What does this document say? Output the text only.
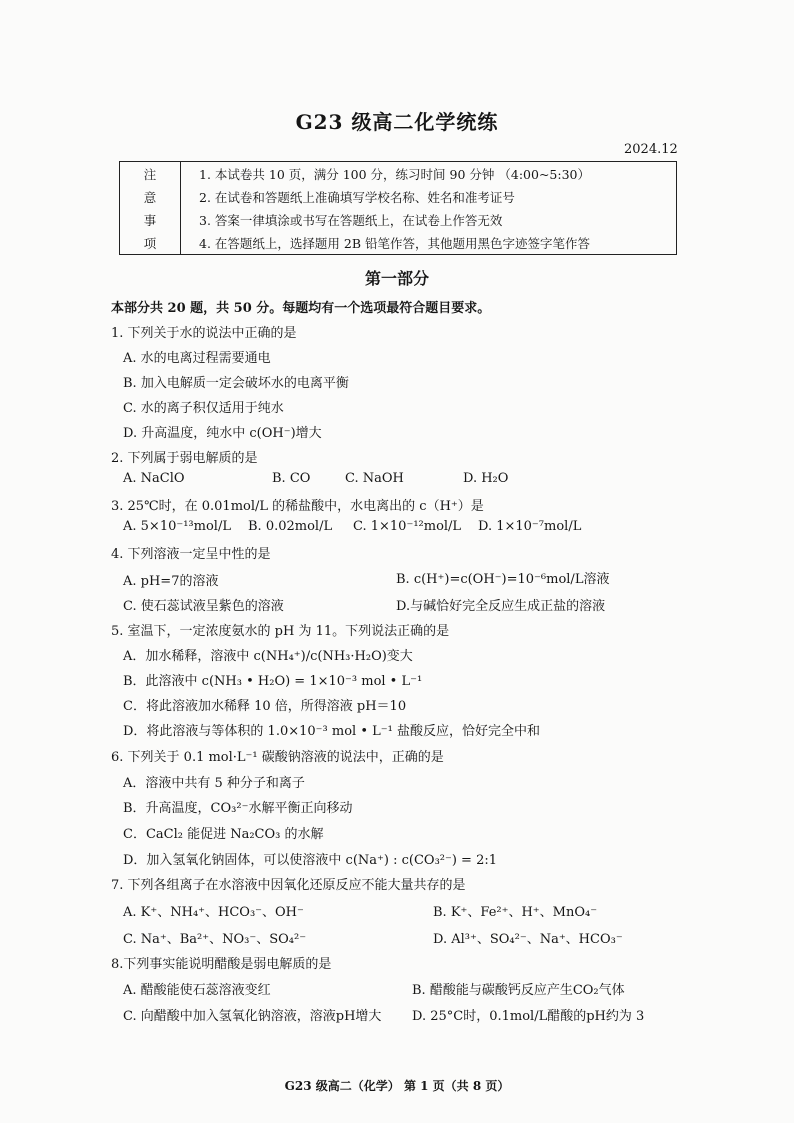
G23 级高二化学统练
2024.12
注	1. 本试卷共 10 页，满分 100 分，练习时间 90 分钟 （4:00~5:30）
意	2. 在试卷和答题纸上准确填写学校名称、姓名和准考证号
事	3. 答案一律填涂或书写在答题纸上，在试卷上作答无效
项	4. 在答题纸上，选择题用 2B 铅笔作答，其他题用黑色字迹签字笔作答
第一部分
本部分共 20 题，共 50 分。每题均有一个选项最符合题目要求。
1. 下列关于水的说法中正确的是
A. 水的电离过程需要通电
B. 加入电解质一定会破坏水的电离平衡
C. 水的离子积仅适用于纯水
D. 升高温度，纯水中 c(OH⁻)增大
2. 下列属于弱电解质的是
A. NaClO	B. CO	C. NaOH	D. H₂O
3. 25℃时，在 0.01mol/L 的稀盐酸中，水电离出的 c（H⁺）是
A. 5×10⁻¹³mol/L B. 0.02mol/L C. 1×10⁻¹²mol/L D. 1×10⁻⁷mol/L
4. 下列溶液一定呈中性的是
A. pH=7的溶液	B. c(H⁺)=c(OH⁻)=10⁻⁶mol/L溶液
C. 使石蕊试液呈紫色的溶液	D.与碱恰好完全反应生成正盐的溶液
5. 室温下，一定浓度氨水的 pH 为 11。下列说法正确的是
A．加水稀释，溶液中 c(NH₄⁺)/c(NH₃·H₂O)变大
B．此溶液中 c(NH₃ • H₂O) = 1×10⁻³ mol • L⁻¹
C．将此溶液加水稀释 10 倍，所得溶液 pH＝10
D．将此溶液与等体积的 1.0×10⁻³ mol • L⁻¹ 盐酸反应，恰好完全中和
6. 下列关于 0.1 mol·L⁻¹ 碳酸钠溶液的说法中，正确的是
A．溶液中共有 5 种分子和离子
B．升高温度，CO₃²⁻水解平衡正向移动
C．CaCl₂ 能促进 Na₂CO₃ 的水解
D．加入氢氧化钠固体，可以使溶液中 c(Na⁺) : c(CO₃²⁻) = 2:1
7. 下列各组离子在水溶液中因氧化还原反应不能大量共存的是
A. K⁺、NH₄⁺、HCO₃⁻、OH⁻	B. K⁺、Fe²⁺、H⁺、MnO₄⁻
C. Na⁺、Ba²⁺、NO₃⁻、SO₄²⁻	D. Al³⁺、SO₄²⁻、Na⁺、HCO₃⁻
8.下列事实能说明醋酸是弱电解质的是
A. 醋酸能使石蕊溶液变红	B. 醋酸能与碳酸钙反应产生CO₂气体
C. 向醋酸中加入氢氧化钠溶液，溶液pH增大 D. 25°C时，0.1mol/L醋酸的pH约为 3
G23 级高二（化学） 第 1 页（共 8 页）
